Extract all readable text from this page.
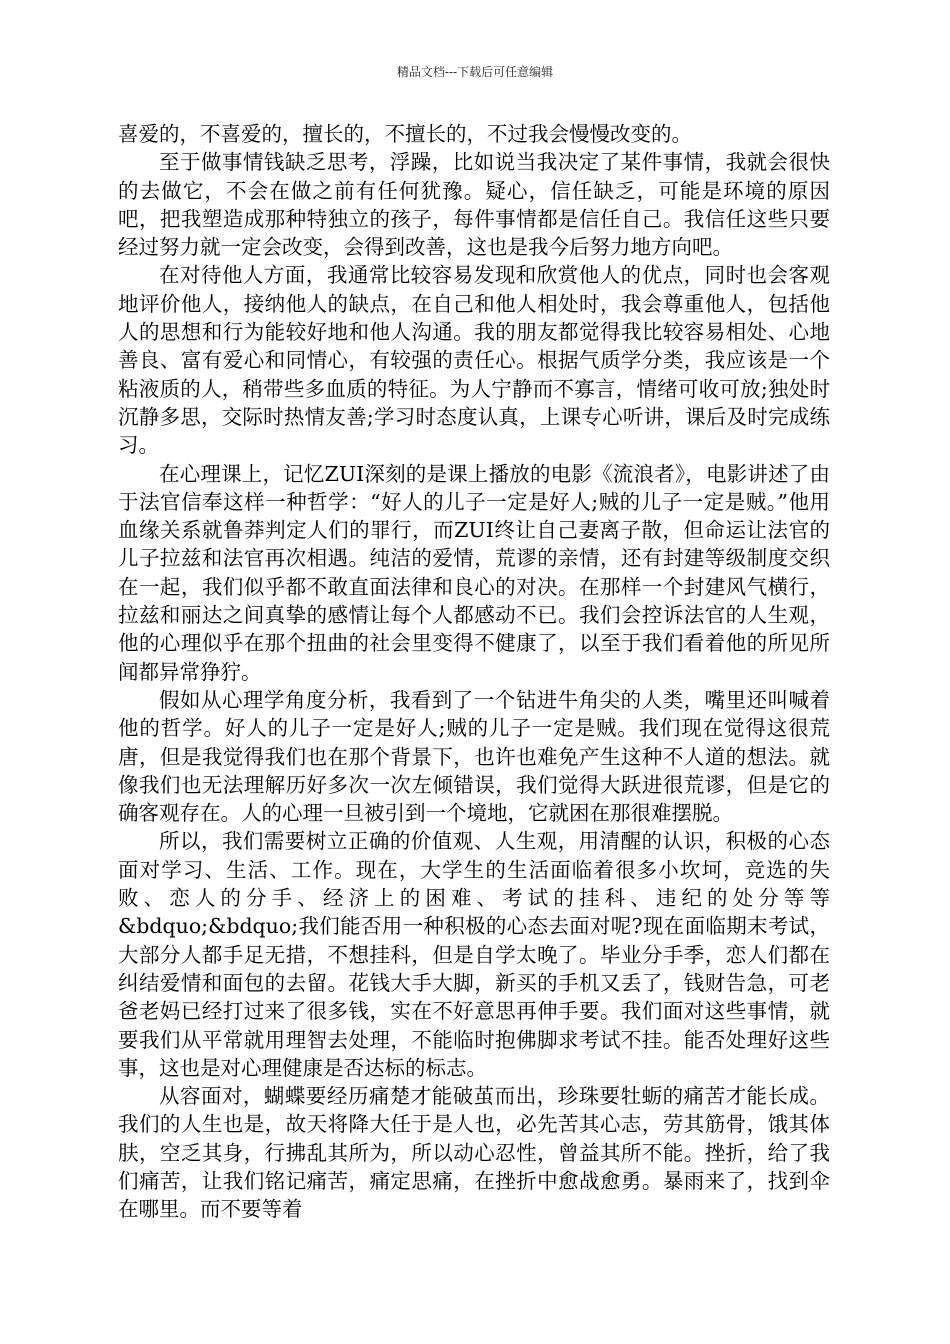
精品文档---下载后可任意编辑

喜爱的，不喜爱的，擅长的，不擅长的，不过我会慢慢改变的。

至于做事情钱缺乏思考，浮躁，比如说当我决定了某件事情，我就会很快的去做它，不会在做之前有任何犹豫。疑心，信任缺乏，可能是环境的原因吧，把我塑造成那种特独立的孩子，每件事情都是信任自己。我信任这些只要经过努力就一定会改变，会得到改善，这也是我今后努力地方向吧。

在对待他人方面，我通常比较容易发现和欣赏他人的优点，同时也会客观地评价他人，接纳他人的缺点，在自己和他人相处时，我会尊重他人，包括他人的思想和行为能较好地和他人沟通。我的朋友都觉得我比较容易相处、心地善良、富有爱心和同情心，有较强的责任心。根据气质学分类，我应该是一个粘液质的人，稍带些多血质的特征。为人宁静而不寡言，情绪可收可放;独处时沉静多思，交际时热情友善;学习时态度认真，上课专心听讲，课后及时完成练习。

在心理课上，记忆ZUI深刻的是课上播放的电影《流浪者》，电影讲述了由于法官信奉这样一种哲学：“好人的儿子一定是好人;贼的儿子一定是贼。”他用血缘关系就鲁莽判定人们的罪行，而ZUI终让自己妻离子散，但命运让法官的儿子拉兹和法官再次相遇。纯洁的爱情，荒谬的亲情，还有封建等级制度交织在一起，我们似乎都不敢直面法律和良心的对决。在那样一个封建风气横行，拉兹和丽达之间真挚的感情让每个人都感动不已。我们会控诉法官的人生观，他的心理似乎在那个扭曲的社会里变得不健康了，以至于我们看着他的所见所闻都异常狰狞。

假如从心理学角度分析，我看到了一个钻进牛角尖的人类，嘴里还叫喊着他的哲学。好人的儿子一定是好人;贼的儿子一定是贼。我们现在觉得这很荒唐，但是我觉得我们也在那个背景下，也许也难免产生这种不人道的想法。就像我们也无法理解历好多次一次左倾错误，我们觉得大跃进很荒谬，但是它的确客观存在。人的心理一旦被引到一个境地，它就困在那很难摆脱。

所以，我们需要树立正确的价值观、人生观，用清醒的认识，积极的心态面对学习、生活、工作。现在，大学生的生活面临着很多小坎坷，竞选的失败、恋人的分手、经济上的困难、考试的挂科、违纪的处分等等&bdquo;&bdquo;我们能否用一种积极的心态去面对呢?现在面临期末考试，大部分人都手足无措，不想挂科，但是自学太晚了。毕业分手季，恋人们都在纠结爱情和面包的去留。花钱大手大脚，新买的手机又丢了，钱财告急，可老爸老妈已经打过来了很多钱，实在不好意思再伸手要。我们面对这些事情，就要我们从平常就用理智去处理，不能临时抱佛脚求考试不挂。能否处理好这些事，这也是对心理健康是否达标的标志。

从容面对，蝴蝶要经历痛楚才能破茧而出，珍珠要牡蛎的痛苦才能长成。我们的人生也是，故天将降大任于是人也，必先苦其心志，劳其筋骨，饿其体肤，空乏其身，行拂乱其所为，所以动心忍性，曾益其所不能。挫折，给了我们痛苦，让我们铭记痛苦，痛定思痛，在挫折中愈战愈勇。暴雨来了，找到伞在哪里。而不要等着
